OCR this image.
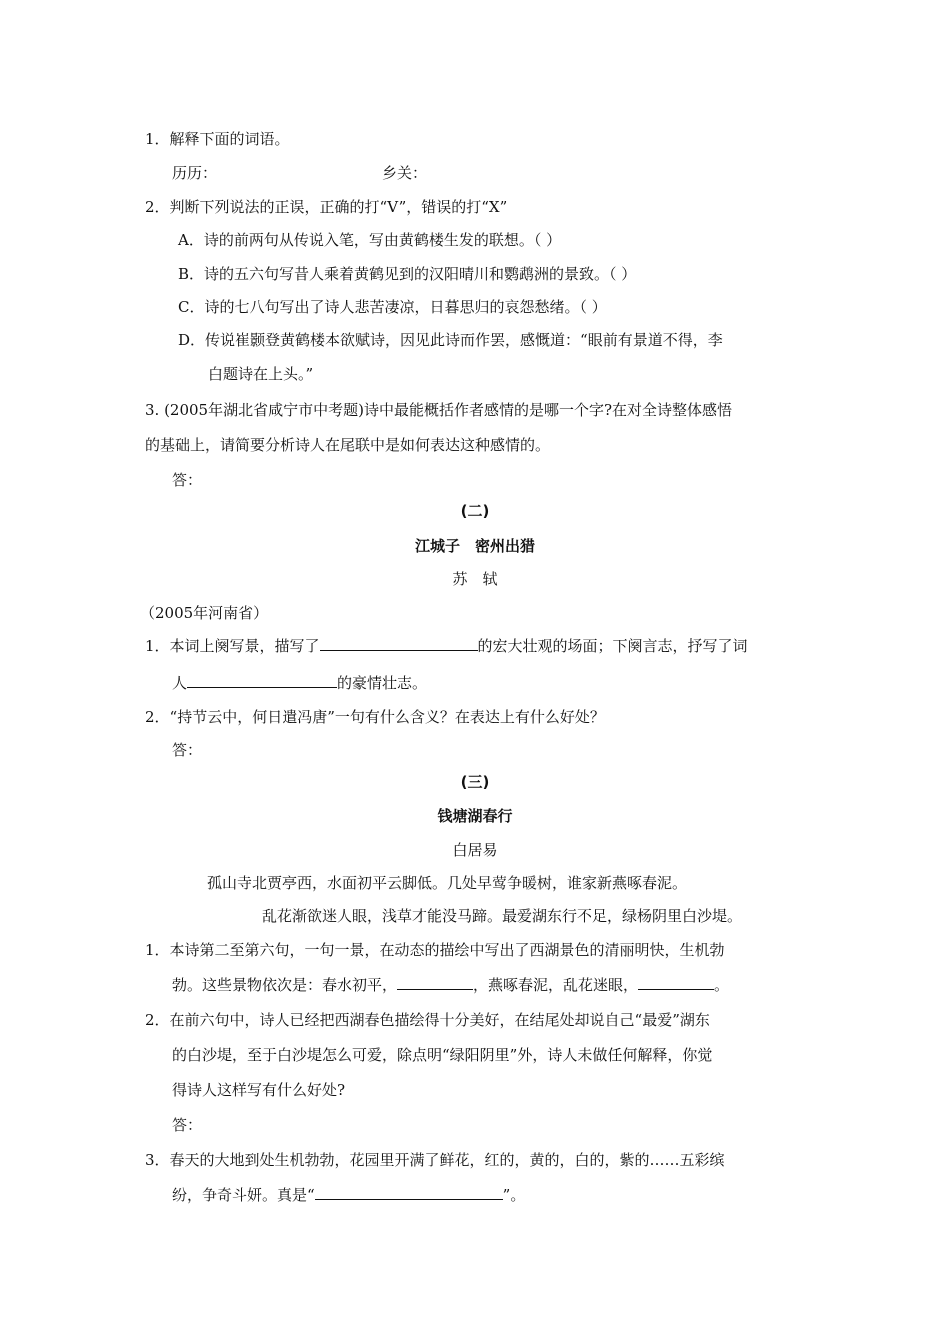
1．解释下面的词语。
历历：	乡关：
2．判断下列说法的正误，正确的打“V”，错误的打“X”
A．诗的前两句从传说入笔，写由黄鹤楼生发的联想。（ ）
B．诗的五六句写昔人乘着黄鹤见到的汉阳晴川和鹦鹉洲的景致。（ ）
C．诗的七八句写出了诗人悲苦凄凉，日暮思归的哀怨愁绪。（ ）
D．传说崔颢登黄鹤楼本欲赋诗，因见此诗而作罢，感慨道：“眼前有景道不得，李
白题诗在上头。”
3. (2005年湖北省咸宁市中考题)诗中最能概括作者感情的是哪一个字?在对全诗整体感悟
的基础上，请简要分析诗人在尾联中是如何表达这种感情的。
答：
(二)
江城子　密州出猎
苏　轼
（2005年河南省）
1．本词上阕写景，描写了	的宏大壮观的场面；下阕言志，抒写了词
人	的豪情壮志。
2．“持节云中，何日遣冯唐”一句有什么含义？在表达上有什么好处？
答：
(三)
钱塘湖春行
白居易
孤山寺北贾亭西，水面初平云脚低。几处早莺争暖树，谁家新燕啄春泥。
乱花渐欲迷人眼，浅草才能没马蹄。最爱湖东行不足，绿杨阴里白沙堤。
1．本诗第二至第六句，一句一景，在动态的描绘中写出了西湖景色的清丽明快，生机勃
勃。这些景物依次是：春水初平，	，燕啄春泥，乱花迷眼，	。
2．在前六句中，诗人已经把西湖春色描绘得十分美好，在结尾处却说自己“最爱”湖东
的白沙堤，至于白沙堤怎么可爱，除点明“绿阳阴里”外，诗人未做任何解释，你觉
得诗人这样写有什么好处?
答：
3．春天的大地到处生机勃勃，花园里开满了鲜花，红的，黄的，白的，紫的……五彩缤
纷，争奇斗妍。真是“	”。
